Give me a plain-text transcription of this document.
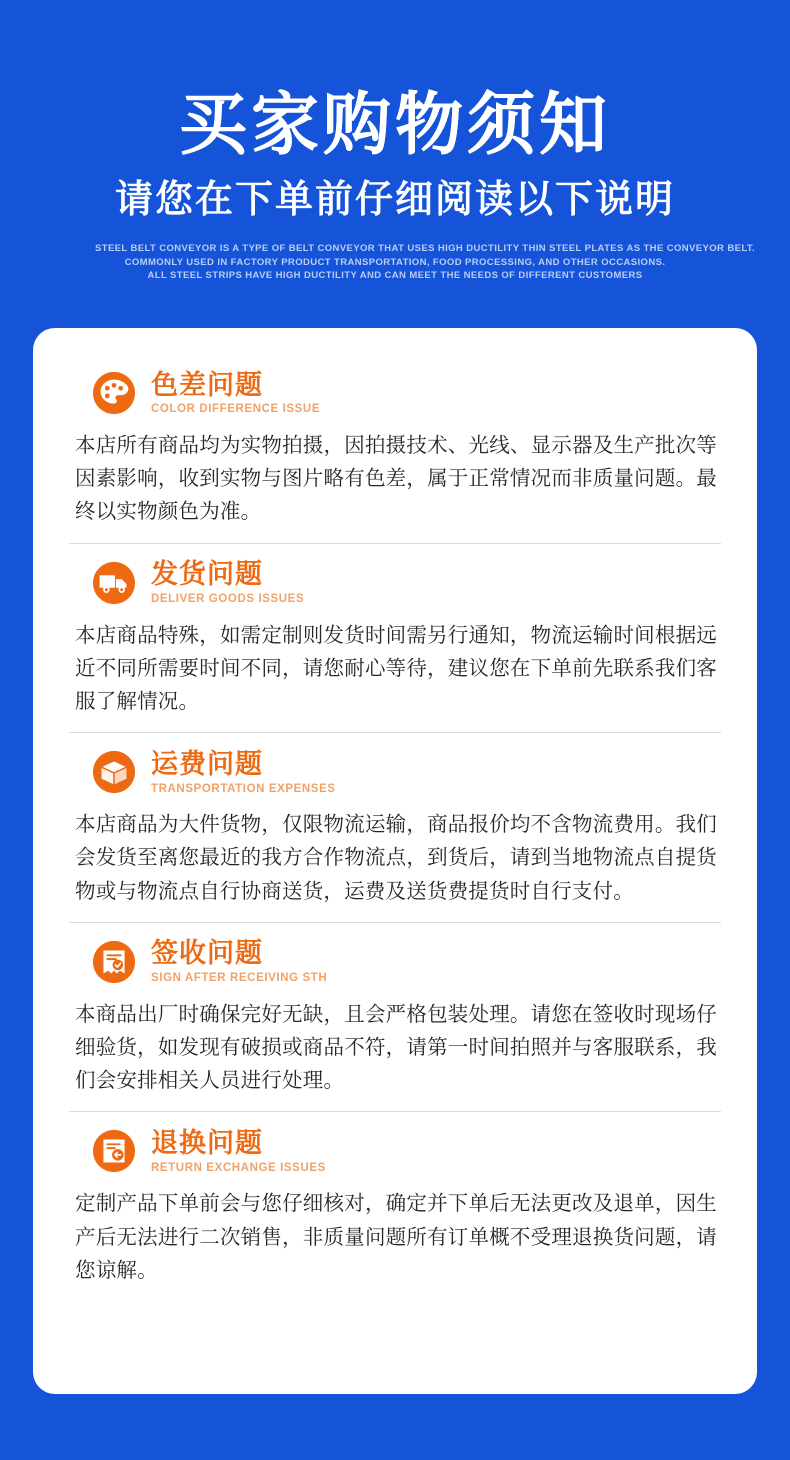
买家购物须知
请您在下单前仔细阅读以下说明
STEEL BELT CONVEYOR IS A TYPE OF BELT CONVEYOR THAT USES HIGH DUCTILITY THIN STEEL PLATES AS THE CONVEYOR BELT.
COMMONLY USED IN FACTORY PRODUCT TRANSPORTATION, FOOD PROCESSING, AND OTHER OCCASIONS.
ALL STEEL STRIPS HAVE HIGH DUCTILITY AND CAN MEET THE NEEDS OF DIFFERENT CUSTOMERS
色差问题
COLOR DIFFERENCE ISSUE

本店所有商品均为实物拍摄，因拍摄技术、光线、显示器及生产批次等因素影响，收到实物与图片略有色差，属于正常情况而非质量问题。最终以实物颜色为准。

发货问题
DELIVER GOODS ISSUES

本店商品特殊，如需定制则发货时间需另行通知，物流运输时间根据远近不同所需要时间不同，请您耐心等待，建议您在下单前先联系我们客服了解情况。

运费问题
TRANSPORTATION EXPENSES

本店商品为大件货物，仅限物流运输，商品报价均不含物流费用。我们会发货至离您最近的我方合作物流点，到货后，请到当地物流点自提货物或与物流点自行协商送货，运费及送货费提货时自行支付。

签收问题
SIGN AFTER RECEIVING STH

本商品出厂时确保完好无缺，且会严格包装处理。请您在签收时现场仔细验货，如发现有破损或商品不符，请第一时间拍照并与客服联系，我们会安排相关人员进行处理。

退换问题
RETURN EXCHANGE ISSUES

定制产品下单前会与您仔细核对，确定并下单后无法更改及退单，因生产后无法进行二次销售，非质量问题所有订单概不受理退换货问题，请您谅解。
